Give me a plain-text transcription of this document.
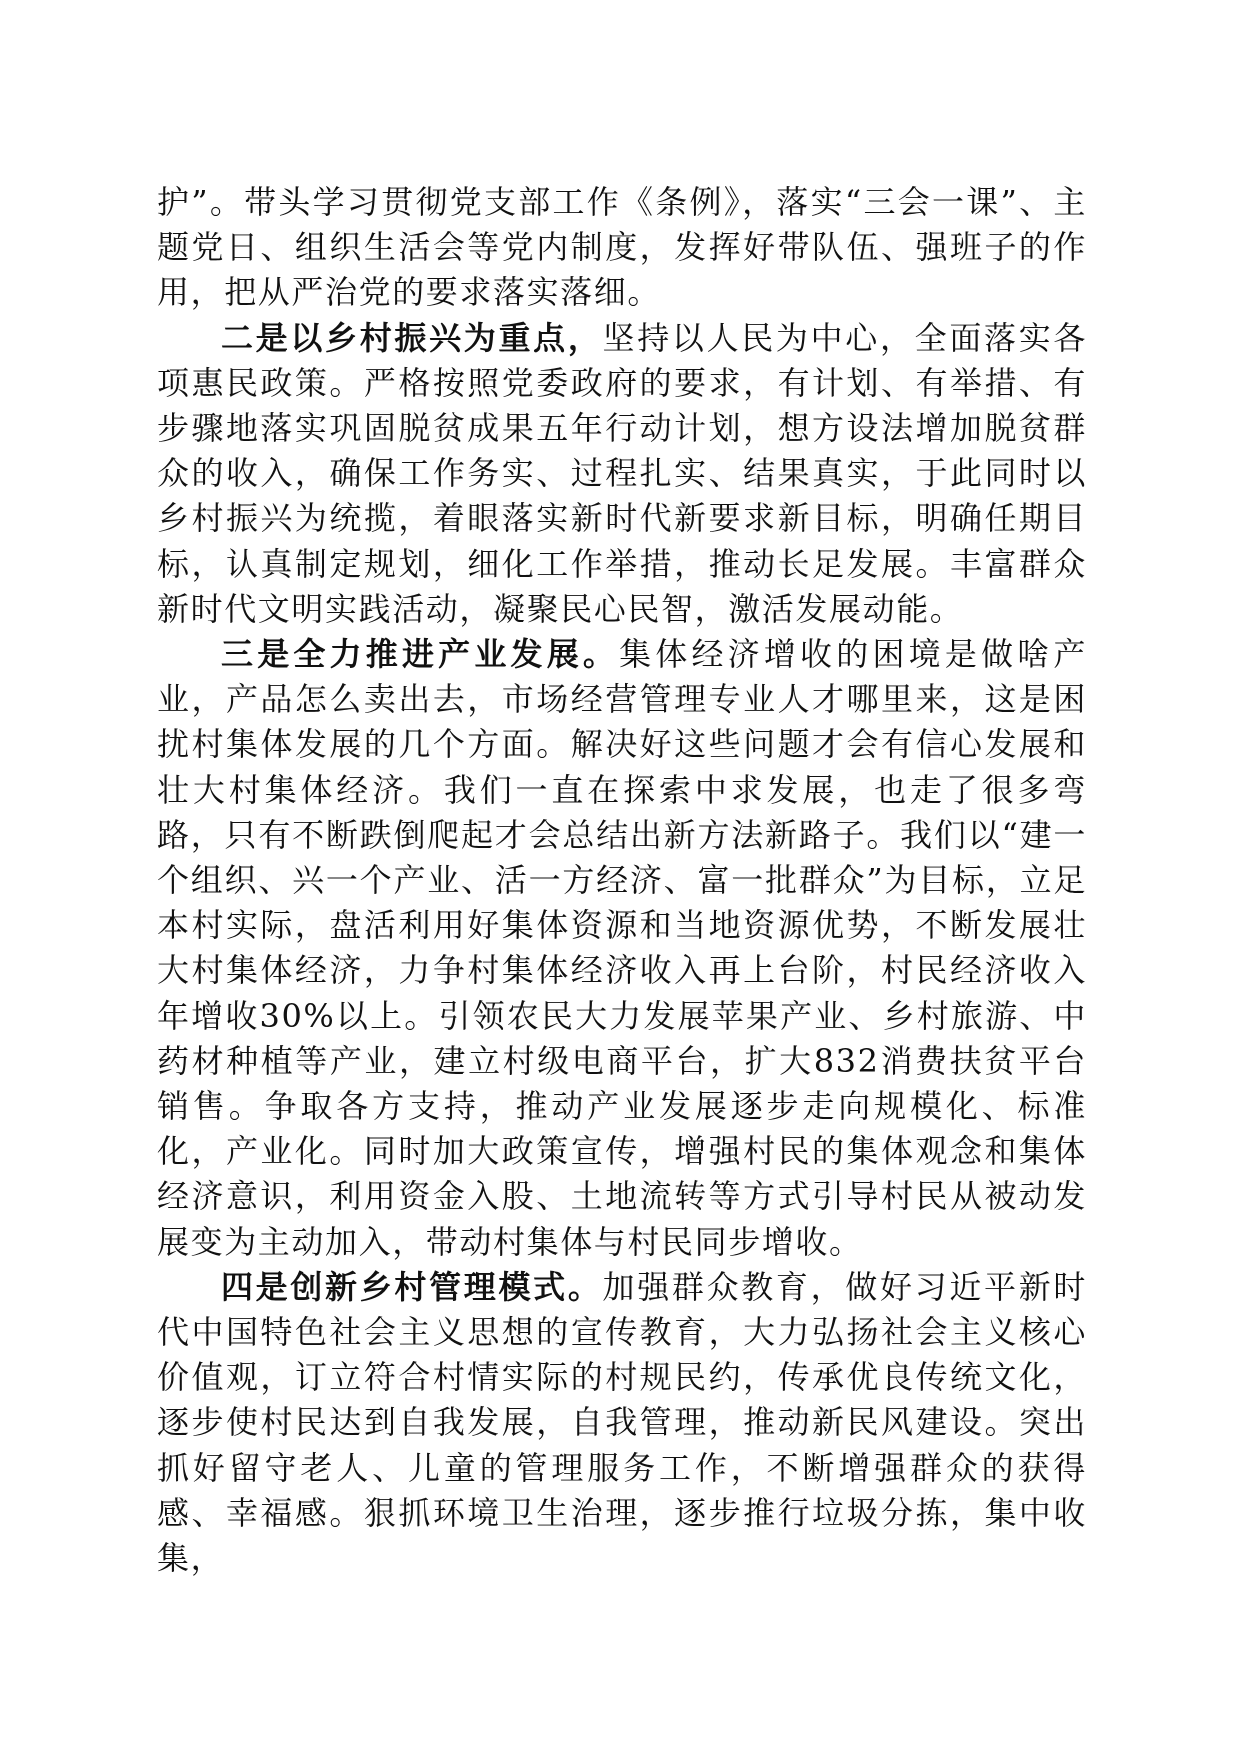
护”。带头学习贯彻党支部工作《条例》，落实“三会一课”、主题党日、组织生活会等党内制度，发挥好带队伍、强班子的作用，把从严治党的要求落实落细。

二是以乡村振兴为重点，坚持以人民为中心，全面落实各项惠民政策。严格按照党委政府的要求，有计划、有举措、有步骤地落实巩固脱贫成果五年行动计划，想方设法增加脱贫群众的收入，确保工作务实、过程扎实、结果真实，于此同时以乡村振兴为统揽，着眼落实新时代新要求新目标，明确任期目标，认真制定规划，细化工作举措，推动长足发展。丰富群众新时代文明实践活动，凝聚民心民智，激活发展动能。

三是全力推进产业发展。集体经济增收的困境是做啥产业，产品怎么卖出去，市场经营管理专业人才哪里来，这是困扰村集体发展的几个方面。解决好这些问题才会有信心发展和壮大村集体经济。我们一直在探索中求发展，也走了很多弯路，只有不断跌倒爬起才会总结出新方法新路子。我们以“建一个组织、兴一个产业、活一方经济、富一批群众”为目标，立足本村实际，盘活利用好集体资源和当地资源优势，不断发展壮大村集体经济，力争村集体经济收入再上台阶，村民经济收入年增收30%以上。引领农民大力发展苹果产业、乡村旅游、中药材种植等产业，建立村级电商平台，扩大832消费扶贫平台销售。争取各方支持，推动产业发展逐步走向规模化、标准化，产业化。同时加大政策宣传，增强村民的集体观念和集体经济意识，利用资金入股、土地流转等方式引导村民从被动发展变为主动加入，带动村集体与村民同步增收。

四是创新乡村管理模式。加强群众教育，做好习近平新时代中国特色社会主义思想的宣传教育，大力弘扬社会主义核心价值观，订立符合村情实际的村规民约，传承优良传统文化，逐步使村民达到自我发展，自我管理，推动新民风建设。突出抓好留守老人、儿童的管理服务工作，不断增强群众的获得感、幸福感。狠抓环境卫生治理，逐步推行垃圾分拣，集中收集，
